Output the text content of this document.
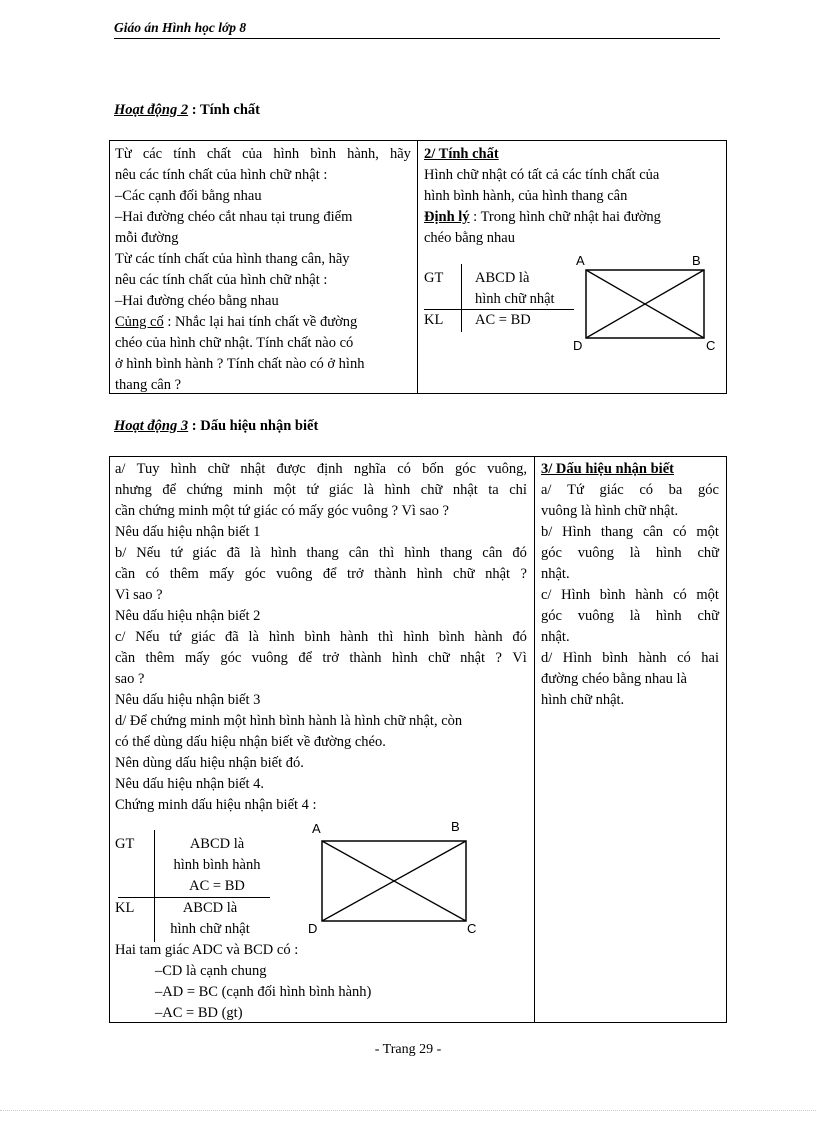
Giáo án Hình học lớp 8
Hoạt động 2 : Tính chất
Từ các tính chất của hình bình hành, hãy
nêu các tính chất của hình chữ nhật :
–Các cạnh đối bằng nhau
–Hai đường chéo cắt nhau tại trung điểm
mỗi đường
Từ các tính chất của hình thang cân, hãy
nêu các tính chất của hình chữ nhật :
–Hai đường chéo bằng nhau
Củng cố : Nhắc lại hai tính chất về đường
chéo của hình chữ nhật. Tính chất nào có
ở hình bình hành ? Tính chất nào có ở hình
thang cân ?
2/ Tính chất
Hình chữ nhật có tất cả các tính chất của
hình bình hành, của hình thang cân
Định lý : Trong hình chữ nhật hai đường
chéo bằng nhau
GT ABCD là
hình chữ nhật
KL AC = BD
A	B
C
D
Hoạt động 3 : Dấu hiệu nhận biết
a/ Tuy hình chữ nhật được định nghĩa có bốn góc vuông,
nhưng để chứng minh một tứ giác là hình chữ nhật ta chỉ
cần chứng minh một tứ giác có mấy góc vuông ? Vì sao ?
Nêu dấu hiệu nhận biết 1
b/ Nếu tứ giác đã là hình thang cân thì hình thang cân đó
cần có thêm mấy góc vuông để trở thành hình chữ nhật ?
Vì sao ?
Nêu dấu hiệu nhận biết 2
c/ Nếu tứ giác đã là hình bình hành thì hình bình hành đó
cần thêm mấy góc vuông để trở thành hình chữ nhật ? Vì
sao ?
Nêu dấu hiệu nhận biết 3
d/ Để chứng minh một hình bình hành là hình chữ nhật, còn
có thể dùng dấu hiệu nhận biết về đường chéo.
Nên dùng dấu hiệu nhận biết đó.
Nêu dấu hiệu nhận biết 4.
Chứng minh dấu hiệu nhận biết 4 :
GT	ABCD là
hình bình hành
AC = BD
KL	ABCD là
hình chữ nhật
A	B
C
D
Hai tam giác ADC và BCD có :
–CD là cạnh chung
–AD = BC (cạnh đối hình bình hành)
–AC = BD (gt)
3/ Dấu hiệu nhận biết
a/ Tứ giác có ba góc
vuông là hình chữ nhật.
b/ Hình thang cân có một
góc vuông là hình chữ
nhật.
c/ Hình bình hành có một
góc vuông là hình chữ
nhật.
d/ Hình bình hành có hai
đường chéo bằng nhau là
hình chữ nhật.
- Trang 29 -
